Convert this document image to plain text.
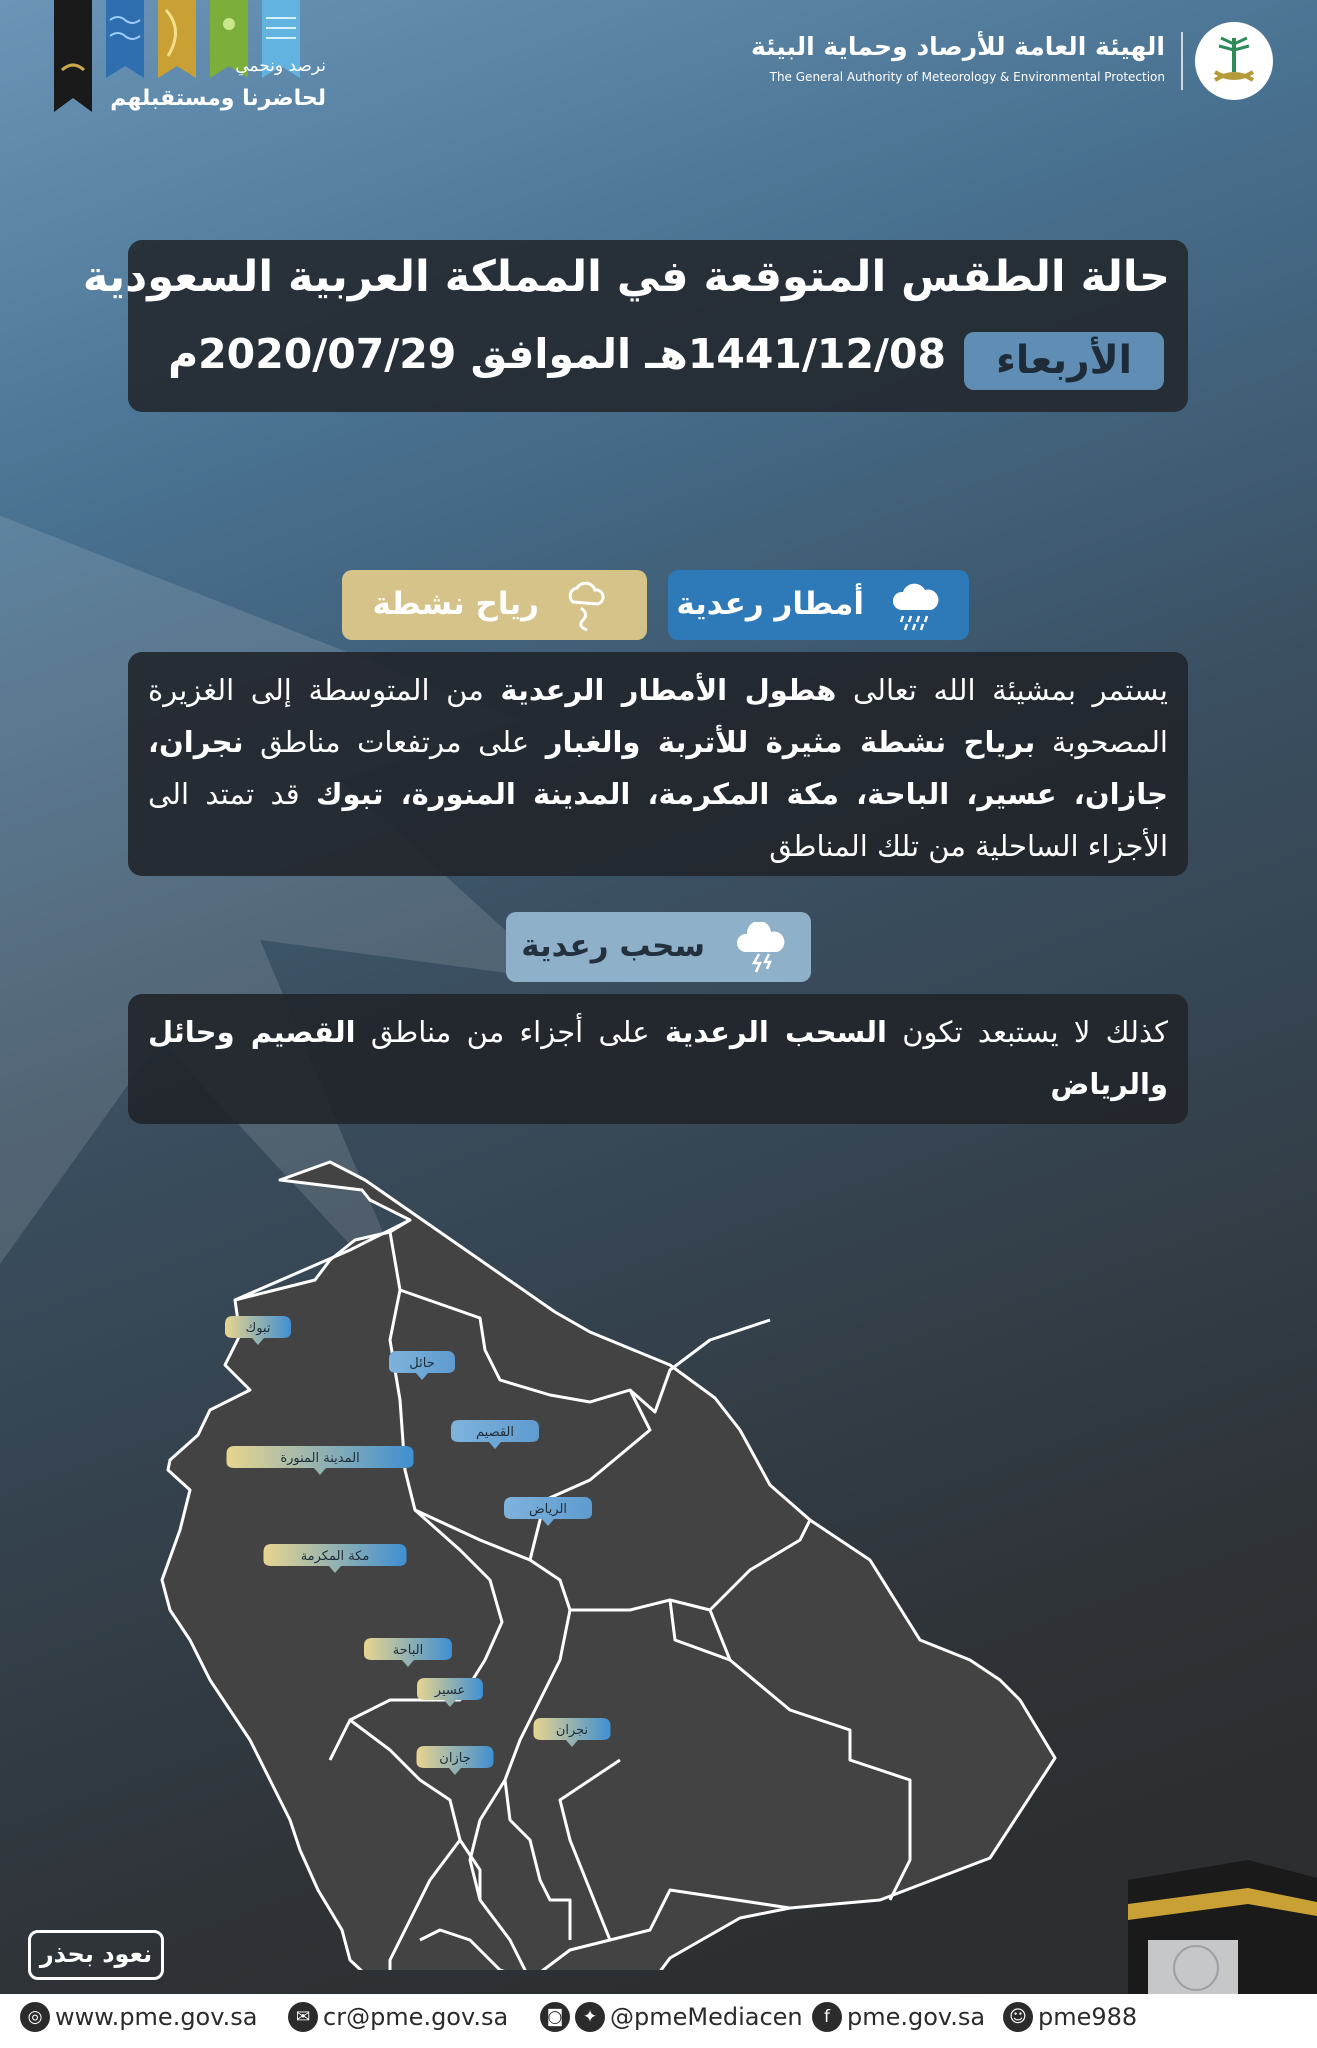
الهيئة العامة للأرصاد وحماية البيئة
The General Authority of Meteorology & Environmental Protection
نرصد ونحمي
لحاضرنا ومستقبلهم
حالة الطقس المتوقعة في المملكة العربية السعودية
الأربعاء
1441/12/08هـ الموافق 2020/07/29م
أمطار رعدية
رياح نشطة
يستمر بمشيئة الله تعالى هطول الأمطار الرعدية من المتوسطة إلى الغزيرة المصحوبة برياح نشطة مثيرة للأتربة والغبار على مرتفعات مناطق نجران، جازان، عسير، الباحة، مكة المكرمة، المدينة المنورة، تبوك قد تمتد الى الأجزاء الساحلية من تلك المناطق
سحب رعدية
كذلك لا يستبعد تكون السحب الرعدية على أجزاء من مناطق القصيم وحائل والرياض
تبوك
حائل
القصيم
المدينة المنورة
الرياض
مكة المكرمة
الباحة
عسير
نجران
جازان
نعود بحذر
◎ www.pme.gov.sa	✉ cr@pme.gov.sa	◙ ✦ @pmeMediacen	f pme.gov.sa	☺ pme988
